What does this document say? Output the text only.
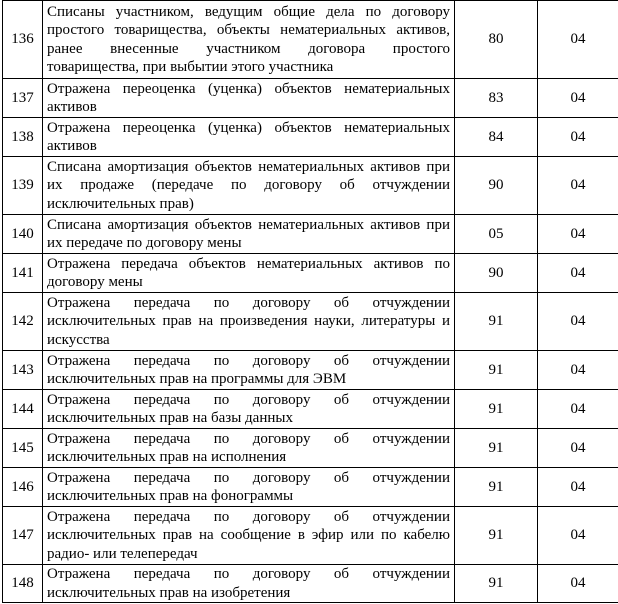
136	Списаны участником, ведущим общие дела по договору простого товарищества, объекты нематериальных активов, ранее внесенные участником договора простого товарищества, при выбытии этого участника	80	04
137	Отражена переоценка (уценка) объектов нематериальных активов	83	04
138	Отражена переоценка (уценка) объектов нематериальных активов	84	04
139	Списана амортизация объектов нематериальных активов при их продаже (передаче по договору об отчуждении исключительных прав)	90	04
140	Списана амортизация объектов нематериальных активов при их передаче по договору мены	05	04
141	Отражена передача объектов нематериальных активов по договору мены	90	04
142	Отражена передача по договору об отчуждении исключительных прав на произведения науки, литературы и искусства	91	04
143	Отражена передача по договору об отчуждении исключительных прав на программы для ЭВМ	91	04
144	Отражена передача по договору об отчуждении исключительных прав на базы данных	91	04
145	Отражена передача по договору об отчуждении исключительных прав на исполнения	91	04
146	Отражена передача по договору об отчуждении исключительных прав на фонограммы	91	04
147	Отражена передача по договору об отчуждении исключительных прав на сообщение в эфир или по кабелю радио- или телепередач	91	04
148	Отражена передача по договору об отчуждении исключительных прав на изобретения	91	04
